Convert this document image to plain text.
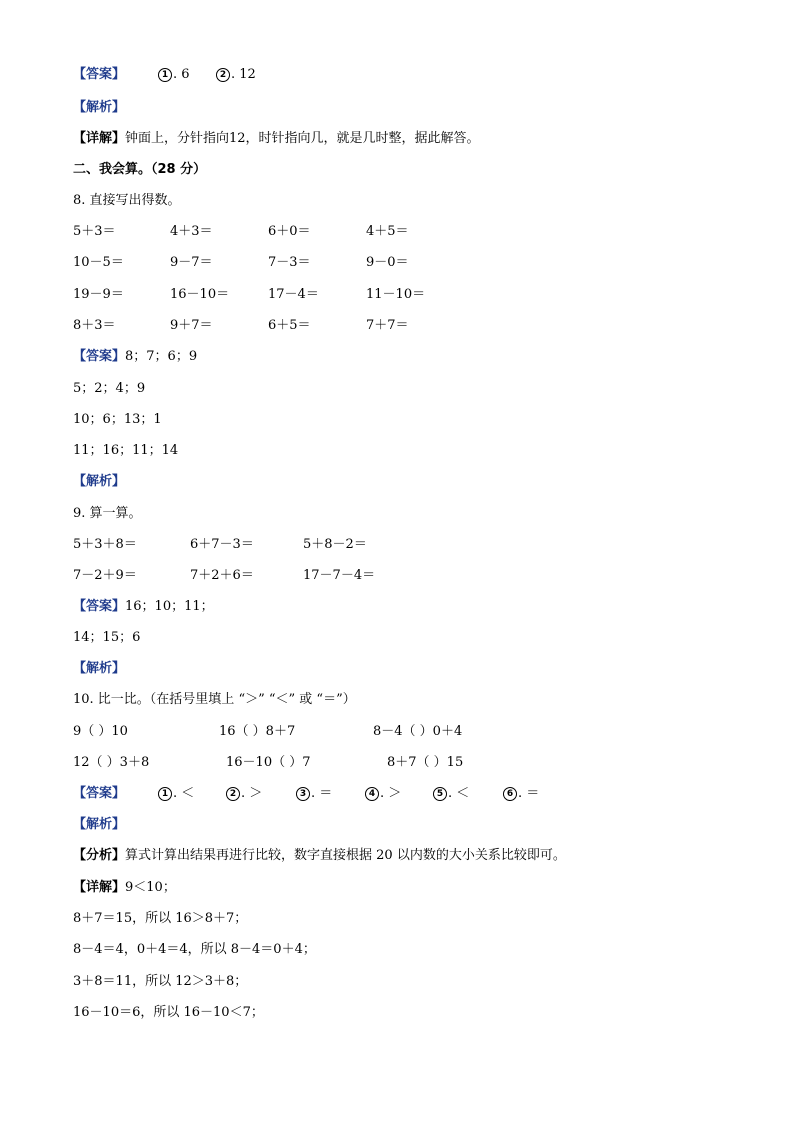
【答案】	1 . 6	2 . 12
【解析】
【详解】钟面上，分针指向12，时针指向几，就是几时整，据此解答。
二、我会算。（28 分）
8. 直接写出得数。
5＋3＝	4＋3＝	6＋0＝	4＋5＝
10－5＝	9－7＝	7－3＝	9－0＝
19－9＝	16－10＝	17－4＝	11－10＝
8＋3＝	9＋7＝	6＋5＝	7＋7＝
【答案】8；7；6；9
5；2；4；9
10；6；13；1
11；16；11；14
【解析】
9. 算一算。
5＋3＋8＝	6＋7－3＝	5＋8－2＝
7－2＋9＝	7＋2＋6＝	17－7－4＝
【答案】16；10；11；
14；15；6
【解析】
10. 比一比。（在括号里填上 “＞” “＜” 或 “＝”）
9（ ）10	16（ ）8＋7	8－4（ ）0＋4
12（ ）3＋8	16－10（ ）7	8＋7（ ）15
【答案】	1 . ＜	2 . ＞	3 . ＝	4 . ＞	5 . ＜	6 . ＝
【解析】
【分析】算式计算出结果再进行比较，数字直接根据 20 以内数的大小关系比较即可。
【详解】9＜10；
8＋7＝15，所以 16＞8＋7；
8－4＝4，0＋4＝4，所以 8－4＝0＋4；
3＋8＝11，所以 12＞3＋8；
16－10＝6，所以 16－10＜7；
